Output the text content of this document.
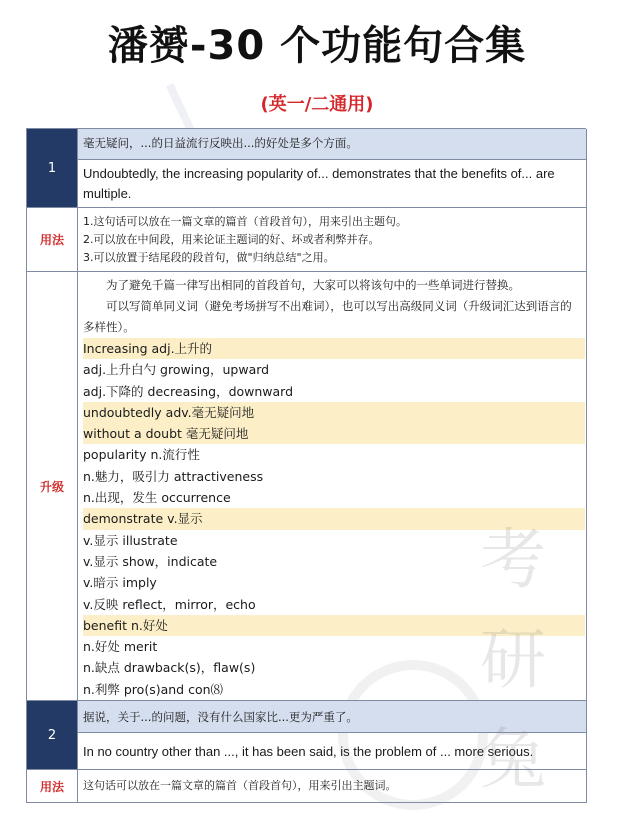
潘赟-30 个功能句合集
(英一/二通用)
1
毫无疑问，...的日益流行反映出...的好处是多个方面。
Undoubtedly, the increasing popularity of... demonstrates that the benefits of... are multiple.
用法
1.这句话可以放在一篇文章的篇首（首段首句），用来引出主题句。
2.可以放在中间段，用来论证主题词的好、坏或者利弊并存。
3.可以放置于结尾段的段首句，做"归纳总结"之用。
升级
为了避免千篇一律写出相同的首段首句，大家可以将该句中的一些单词进行替换。
可以写简单同义词（避免考场拼写不出难词），也可以写出高级同义词（升级词汇达到语言的多样性）。
Increasing adj.上升的
adj.上升白勺 growing，upward
adj.下降的 decreasing，downward
undoubtedly adv.毫无疑问地
without a doubt 毫无疑问地
popularity n.流行性
n.魅力，吸引力 attractiveness
n.出现，发生 occurrence
demonstrate v.显示
v.显示 illustrate
v.显示 show，indicate
v.暗示 imply
v.反映 reflect，mirror，echo
benefit n.好处
n.好处 merit
n.缺点 drawback(s)，flaw(s)
n.利弊 pro(s)and con⑻
2
据说，关于...的问题，没有什么国家比...更为严重了。
In no country other than ..., it has been said, is the problem of ... more serious.
用法	这句话可以放在一篇文章的篇首（首段首句），用来引出主题词。
考
研
兔
